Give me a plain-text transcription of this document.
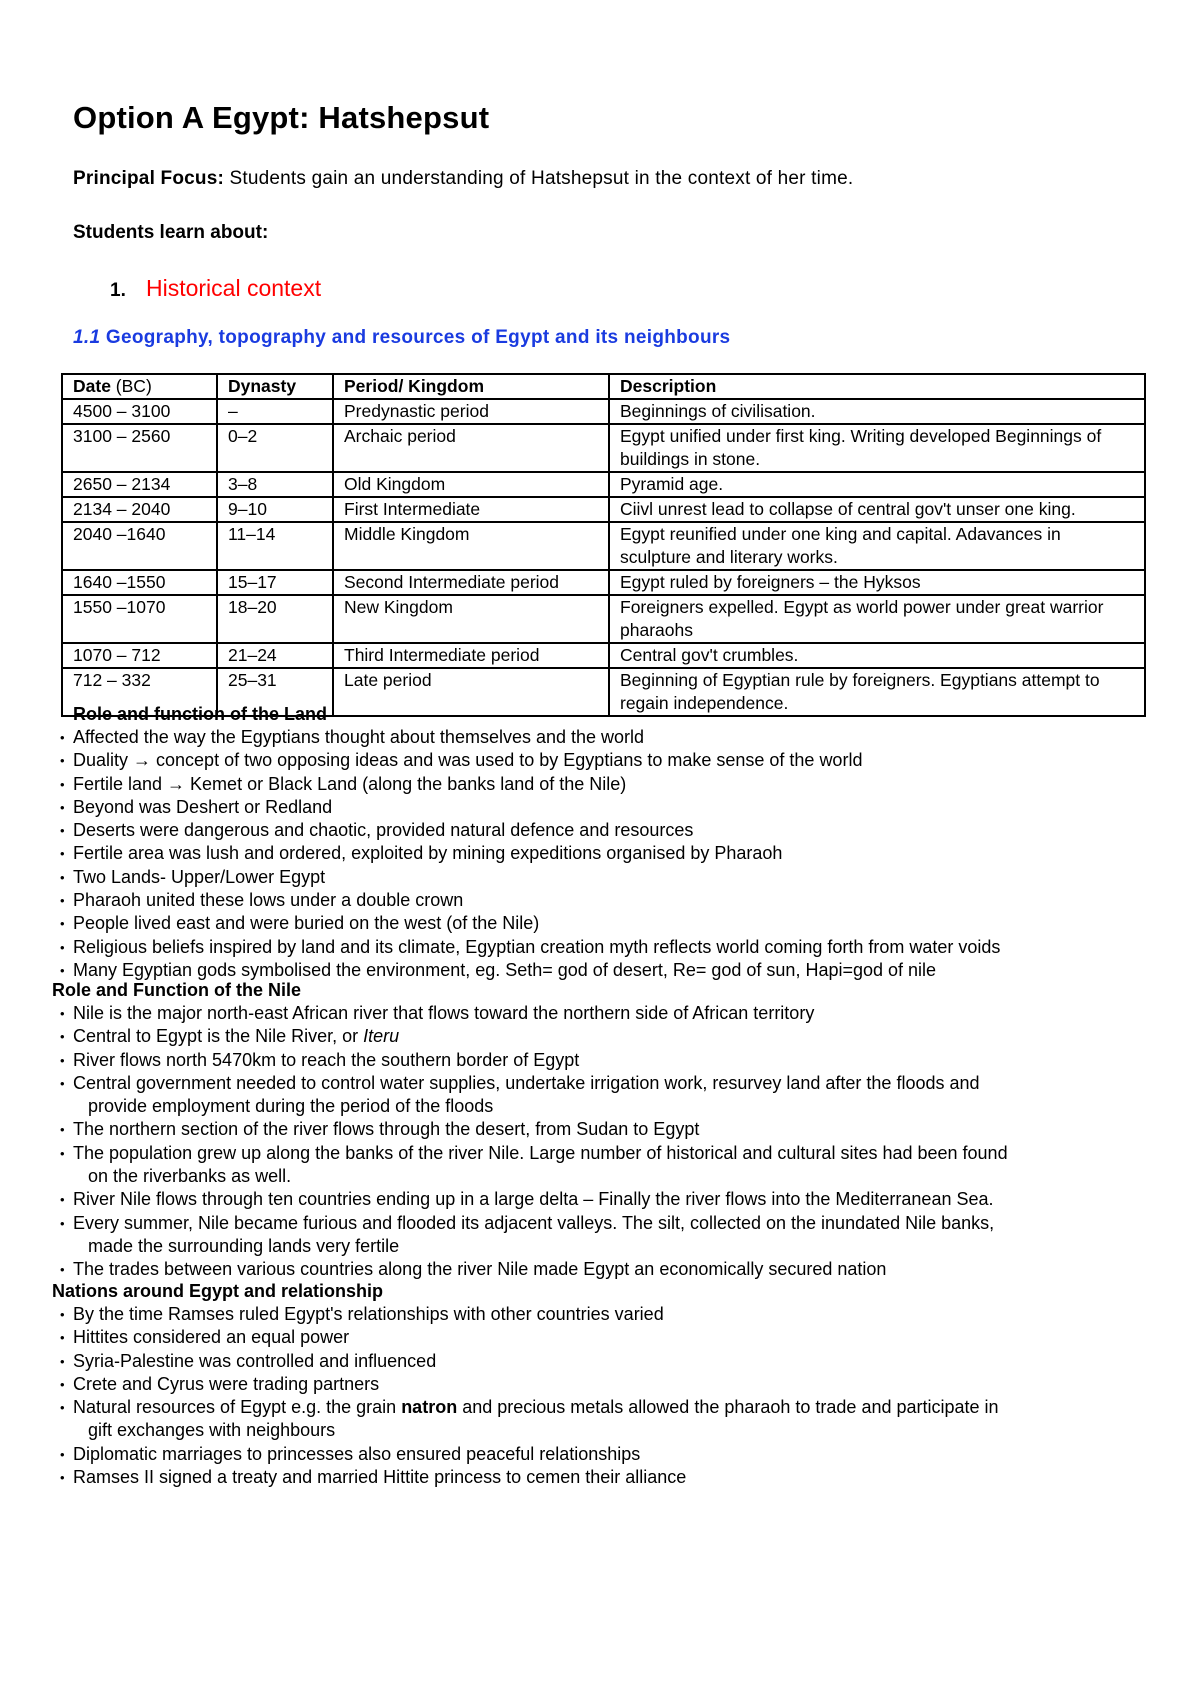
Option A Egypt: Hatshepsut

Principal Focus: Students gain an understanding of Hatshepsut in the context of her time.

Students learn about:

1. Historical context

1.1 Geography, topography and resources of Egypt and its neighbours

Date (BC)	Dynasty	Period/ Kingdom	Description
4500 – 3100	–	Predynastic period	Beginnings of civilisation.
3100 – 2560	0–2	Archaic period	Egypt unified under first king. Writing developed Beginnings of buildings in stone.
2650 – 2134	3–8	Old Kingdom	Pyramid age.
2134 – 2040	9–10	First Intermediate	Ciivl unrest lead to collapse of central gov't unser one king.
2040 –1640	11–14	Middle Kingdom	Egypt reunified under one king and capital. Adavances in sculpture and literary works.
1640 –1550	15–17	Second Intermediate period	Egypt ruled by foreigners – the Hyksos
1550 –1070	18–20	New Kingdom	Foreigners expelled. Egypt as world power under great warrior pharaohs
1070 – 712	21–24	Third Intermediate period	Central gov't crumbles.
712 – 332	25–31	Late period	Beginning of Egyptian rule by foreigners. Egyptians attempt to regain independence.
Role and function of the Land
• Affected the way the Egyptians thought about themselves and the world
• Duality → concept of two opposing ideas and was used to by Egyptians to make sense of the world
• Fertile land → Kemet or Black Land (along the banks land of the Nile)
• Beyond was Deshert or Redland
• Deserts were dangerous and chaotic, provided natural defence and resources
• Fertile area was lush and ordered, exploited by mining expeditions organised by Pharaoh
• Two Lands- Upper/Lower Egypt
• Pharaoh united these lows under a double crown
• People lived east and were buried on the west (of the Nile)
• Religious beliefs inspired by land and its climate, Egyptian creation myth reflects world coming forth from water voids
• Many Egyptian gods symbolised the environment, eg. Seth= god of desert, Re= god of sun, Hapi=god of nile
Role and Function of the Nile
• Nile is the major north-east African river that flows toward the northern side of African territory
• Central to Egypt is the Nile River, or Iteru
• River flows north 5470km to reach the southern border of Egypt
• Central government needed to control water supplies, undertake irrigation work, resurvey land after the floods and
provide employment during the period of the floods
• The northern section of the river flows through the desert, from Sudan to Egypt
• The population grew up along the banks of the river Nile. Large number of historical and cultural sites had been found
on the riverbanks as well.
• River Nile flows through ten countries ending up in a large delta – Finally the river flows into the Mediterranean Sea.
• Every summer, Nile became furious and flooded its adjacent valleys. The silt, collected on the inundated Nile banks,
made the surrounding lands very fertile
• The trades between various countries along the river Nile made Egypt an economically secured nation
Nations around Egypt and relationship
• By the time Ramses ruled Egypt's relationships with other countries varied
• Hittites considered an equal power
• Syria-Palestine was controlled and influenced
• Crete and Cyrus were trading partners
• Natural resources of Egypt e.g. the grain natron and precious metals allowed the pharaoh to trade and participate in
gift exchanges with neighbours
• Diplomatic marriages to princesses also ensured peaceful relationships
• Ramses II signed a treaty and married Hittite princess to cemen their alliance
